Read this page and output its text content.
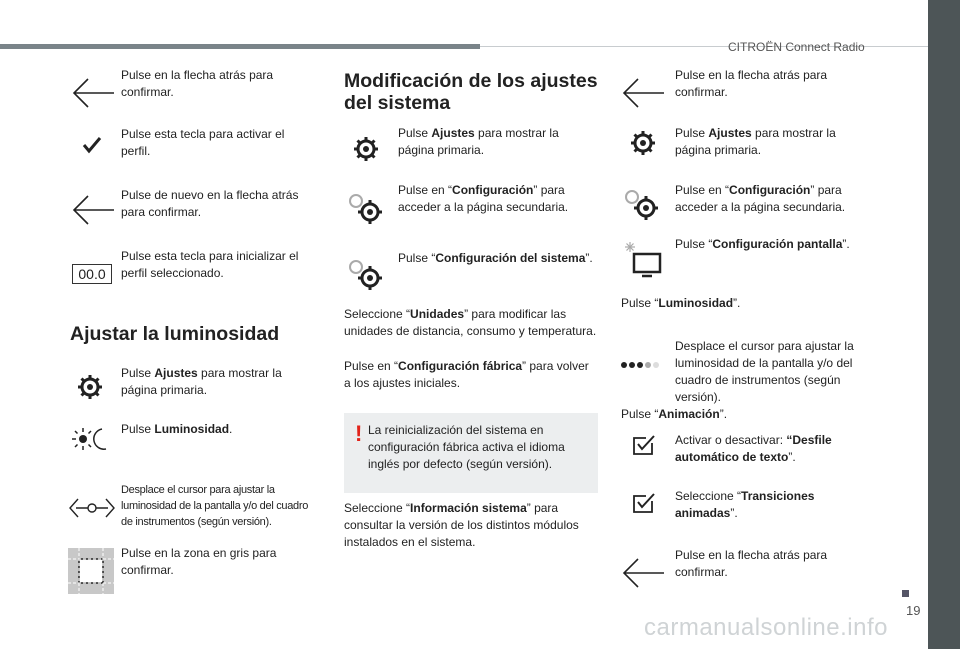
CITROËN Connect Radio
Pulse en la flecha atrás para confirmar.
Pulse esta tecla para activar el perfil.
Pulse de nuevo en la flecha atrás para confirmar.
00.0
Pulse esta tecla para inicializar el perfil seleccionado.
Ajustar la luminosidad
Pulse Ajustes para mostrar la página primaria.
Pulse Luminosidad.
Desplace el cursor para ajustar la luminosidad de la pantalla y/o del cuadro de instrumentos (según versión).
Pulse en la zona en gris para confirmar.
Modificación de los ajustes del sistema
Pulse Ajustes para mostrar la página primaria.
Pulse en “Configuración” para acceder a la página secundaria.
Pulse “Configuración del sistema”.
Seleccione “Unidades” para modificar las unidades de distancia, consumo y temperatura.
Pulse en “Configuración fábrica” para volver a los ajustes iniciales.
! La reinicialización del sistema en configuración fábrica activa el idioma inglés por defecto (según versión).
Seleccione “Información sistema” para consultar la versión de los distintos módulos instalados en el sistema.
Pulse en la flecha atrás para confirmar.
Pulse Ajustes para mostrar la página primaria.
Pulse en “Configuración” para acceder a la página secundaria.
Pulse “Configuración pantalla”.
Pulse “Luminosidad”.
Desplace el cursor para ajustar la luminosidad de la pantalla y/o del cuadro de instrumentos (según versión).
Pulse “Animación”.
Activar o desactivar: “Desfile automático de texto”.
Seleccione “Transiciones animadas”.
Pulse en la flecha atrás para confirmar.
19
carmanualsonline.info
